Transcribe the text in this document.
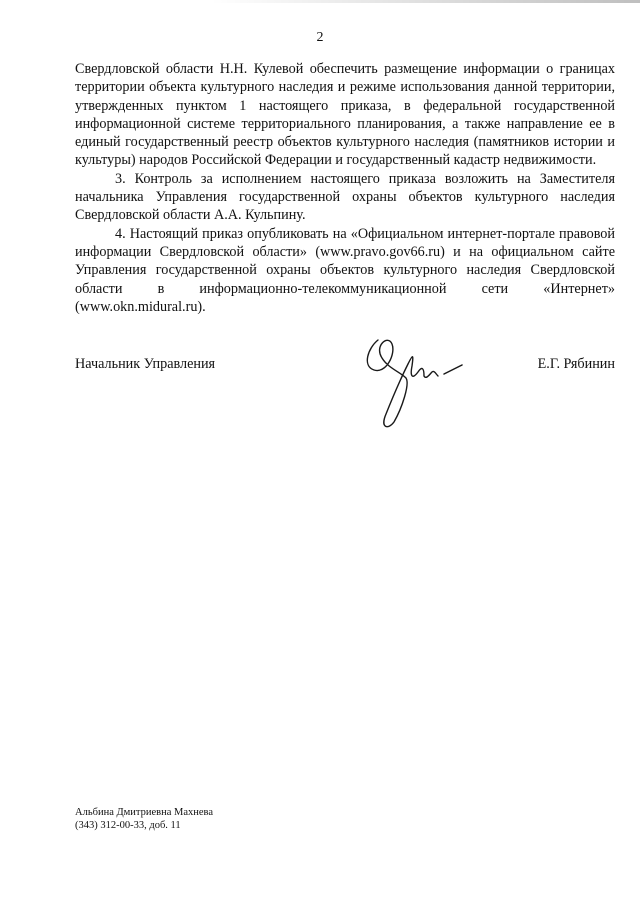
2

Свердловской области Н.Н. Кулевой обеспечить размещение информации о границах территории объекта культурного наследия и режиме использования данной территории, утвержденных пунктом 1 настоящего приказа, в федеральной государственной информационной системе территориального планирования, а также направление ее в единый государственный реестр объектов культурного наследия (памятников истории и культуры) народов Российской Федерации и государственный кадастр недвижимости.

3. Контроль за исполнением настоящего приказа возложить на Заместителя начальника Управления государственной охраны объектов культурного наследия Свердловской области А.А. Кульпину.

4. Настоящий приказ опубликовать на «Официальном интернет-портале правовой информации Свердловской области» (www.pravo.gov66.ru) и на официальном сайте Управления государственной охраны объектов культурного наследия Свердловской области в информационно-телекоммуникационной сети «Интернет» (www.okn.midural.ru).

Начальник Управления	Е.Г. Рябинин
Альбина Дмитриевна Махнева
(343) 312-00-33, доб. 11
